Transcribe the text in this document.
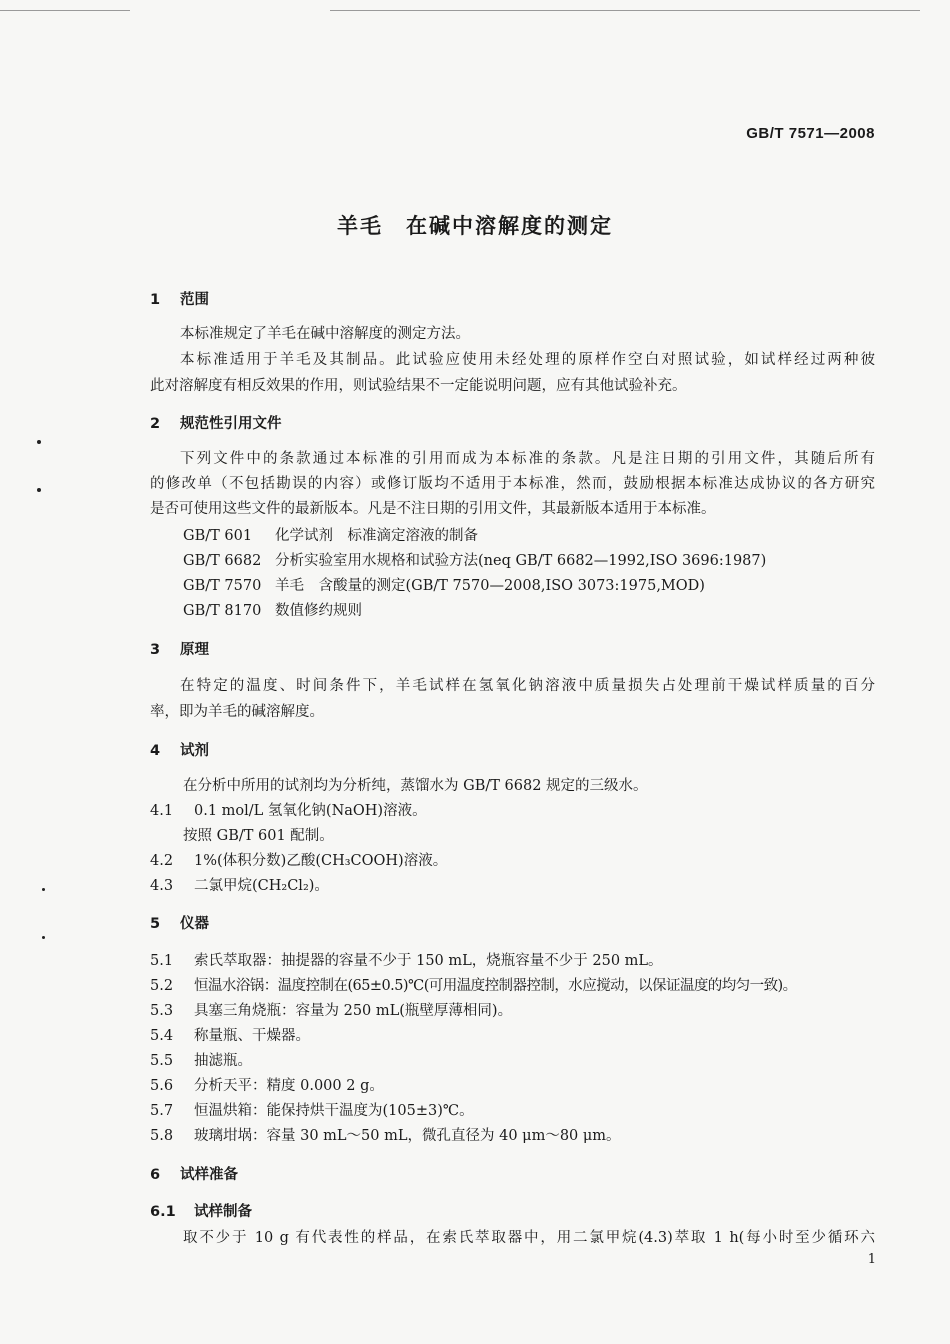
GB/T 7571—2008
羊毛　在碱中溶解度的测定
1 范围
本标准规定了羊毛在碱中溶解度的测定方法。
本标准适用于羊毛及其制品。此试验应使用未经处理的原样作空白对照试验，如试样经过两种彼
此对溶解度有相反效果的作用，则试验结果不一定能说明问题，应有其他试验补充。
2 规范性引用文件
下列文件中的条款通过本标准的引用而成为本标准的条款。凡是注日期的引用文件，其随后所有
的修改单（不包括勘误的内容）或修订版均不适用于本标准，然而，鼓励根据本标准达成协议的各方研究
是否可使用这些文件的最新版本。凡是不注日期的引用文件，其最新版本适用于本标准。
GB/T 601 化学试剂　标准滴定溶液的制备
GB/T 6682 分析实验室用水规格和试验方法(neq GB/T 6682—1992,ISO 3696:1987)
GB/T 7570 羊毛　含酸量的测定(GB/T 7570—2008,ISO 3073:1975,MOD)
GB/T 8170 数值修约规则
3 原理
在特定的温度、时间条件下，羊毛试样在氢氧化钠溶液中质量损失占处理前干燥试样质量的百分
率，即为羊毛的碱溶解度。
4 试剂
在分析中所用的试剂均为分析纯，蒸馏水为 GB/T 6682 规定的三级水。
4.1 0.1 mol/L 氢氧化钠(NaOH)溶液。
按照 GB/T 601 配制。
4.2 1%(体积分数)乙酸(CH₃COOH)溶液。
4.3 二氯甲烷(CH₂Cl₂)。
5 仪器
5.1 索氏萃取器：抽提器的容量不少于 150 mL，烧瓶容量不少于 250 mL。
5.2 恒温水浴锅：温度控制在(65±0.5)℃(可用温度控制器控制，水应搅动，以保证温度的均匀一致)。
5.3 具塞三角烧瓶：容量为 250 mL(瓶壁厚薄相同)。
5.4 称量瓶、干燥器。
5.5 抽滤瓶。
5.6 分析天平：精度 0.000 2 g。
5.7 恒温烘箱：能保持烘干温度为(105±3)℃。
5.8 玻璃坩埚：容量 30 mL～50 mL，微孔直径为 40 μm～80 μm。
6 试样准备
6.1 试样制备
取不少于 10 g 有代表性的样品，在索氏萃取器中，用二氯甲烷(4.3)萃取 1 h(每小时至少循环六
1
